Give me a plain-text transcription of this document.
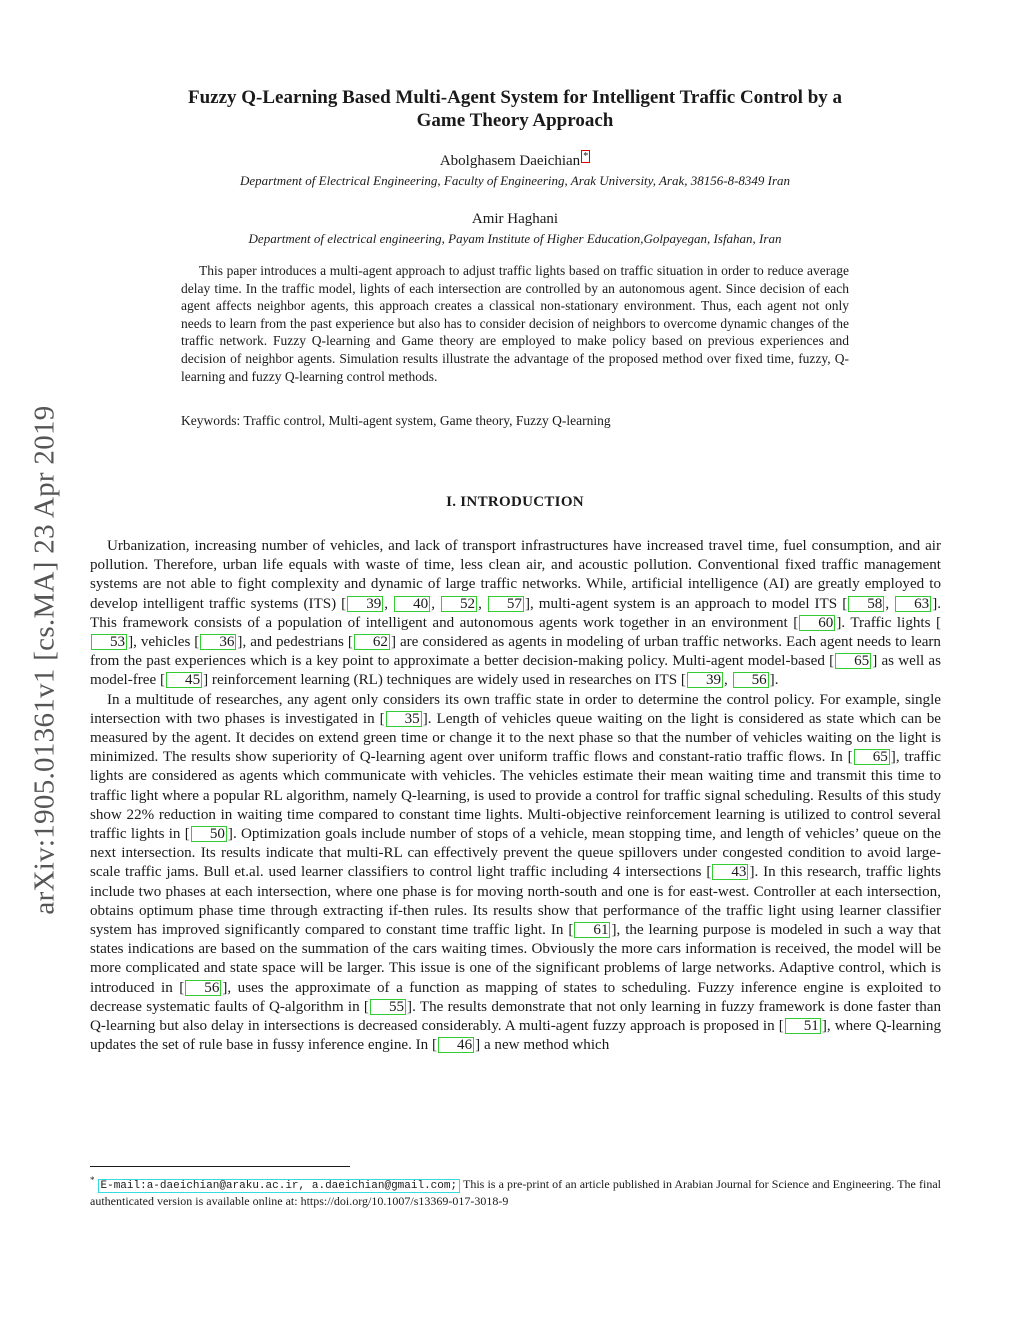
arXiv:1905.01361v1 [cs.MA] 23 Apr 2019
Fuzzy Q-Learning Based Multi-Agent System for Intelligent Traffic Control by a
Game Theory Approach
Abolghasem Daeichian *
Department of Electrical Engineering, Faculty of Engineering, Arak University, Arak, 38156-8-8349 Iran
Amir Haghani
Department of electrical engineering, Payam Institute of Higher Education,Golpayegan, Isfahan, Iran

This paper introduces a multi-agent approach to adjust traffic lights based on traffic situation in order to reduce average delay time. In the traffic model, lights of each intersection are controlled by an autonomous agent. Since decision of each agent affects neighbor agents, this approach creates a classical non-stationary environment. Thus, each agent not only needs to learn from the past experience but also has to consider decision of neighbors to overcome dynamic changes of the traffic network. Fuzzy Q-learning and Game theory are employed to make policy based on previous experiences and decision of neighbor agents. Simulation results illustrate the advantage of the proposed method over fixed time, fuzzy, Q-learning and fuzzy Q-learning control methods.

Keywords: Traffic control, Multi-agent system, Game theory, Fuzzy Q-learning
I. INTRODUCTION

Urbanization, increasing number of vehicles, and lack of transport infrastructures have increased travel time, fuel consumption, and air pollution. Therefore, urban life equals with waste of time, less clean air, and acoustic pollution. Conventional fixed traffic management systems are not able to fight complexity and dynamic of large traffic networks. While, artificial intelligence (AI) are greatly employed to develop intelligent traffic systems (ITS) [ 39 , 40 , 52 , 57 ], multi-agent system is an approach to model ITS [ 58 , 63 ]. This framework consists of a population of intelligent and autonomous agents work together in an environment [ 60 ]. Traffic lights [53 ], vehicles [ 36 ], and pedestrians [ 62 ] are considered as agents in modeling of urban traffic networks. Each agent needs to learn from the past experiences which is a key point to approximate a better decision-making policy. Multi-agent model-based [ 65 ] as well as model-free [ 45 ] reinforcement learning (RL) techniques are widely used in researches on ITS [ 39 , 56 ].

In a multitude of researches, any agent only considers its own traffic state in order to determine the control policy. For example, single intersection with two phases is investigated in [ 35 ]. Length of vehicles queue waiting on the light is considered as state which can be measured by the agent. It decides on extend green time or change it to the next phase so that the number of vehicles waiting on the light is minimized. The results show superiority of Q-learning agent over uniform traffic flows and constant-ratio traffic flows. In [ 65 ], traffic lights are considered as agents which communicate with vehicles. The vehicles estimate their mean waiting time and transmit this time to traffic light where a popular RL algorithm, namely Q-learning, is used to provide a control for traffic signal scheduling. Results of this study show 22% reduction in waiting time compared to constant time lights. Multi-objective reinforcement learning is utilized to control several traffic lights in [ 50 ]. Optimization goals include number of stops of a vehicle, mean stopping time, and length of vehicles’ queue on the next intersection. Its results indicate that multi-RL can effectively prevent the queue spillovers under congested condition to avoid large-scale traffic jams. Bull et.al. used learner classifiers to control light traffic including 4 intersections [ 43 ]. In this research, traffic lights include two phases at each intersection, where one phase is for moving north-south and one is for east-west. Controller at each intersection, obtains optimum phase time through extracting if-then rules. Its results show that performance of the traffic light using learner classifier system has improved significantly compared to constant time traffic light. In [ 61 ], the learning purpose is modeled in such a way that states indications are based on the summation of the cars waiting times. Obviously the more cars information is received, the model will be more complicated and state space will be larger. This issue is one of the significant problems of large networks. Adaptive control, which is introduced in [ 56 ], uses the approximate of a function as mapping of states to scheduling. Fuzzy inference engine is exploited to decrease systematic faults of Q-algorithm in [ 55 ]. The results demonstrate that not only learning in fuzzy framework is done faster than Q-learning but also delay in intersections is decreased considerably. A multi-agent fuzzy approach is proposed in [ 51 ], where Q-learning updates the set of rule base in fussy inference engine. In [ 46 ] a new method which

* E-mail:a-daeichian@araku.ac.ir, a.daeichian@gmail.com; This is a pre-print of an article published in Arabian Journal for Science and Engineering. The final authenticated version is available online at: https://doi.org/10.1007/s13369-017-3018-9
